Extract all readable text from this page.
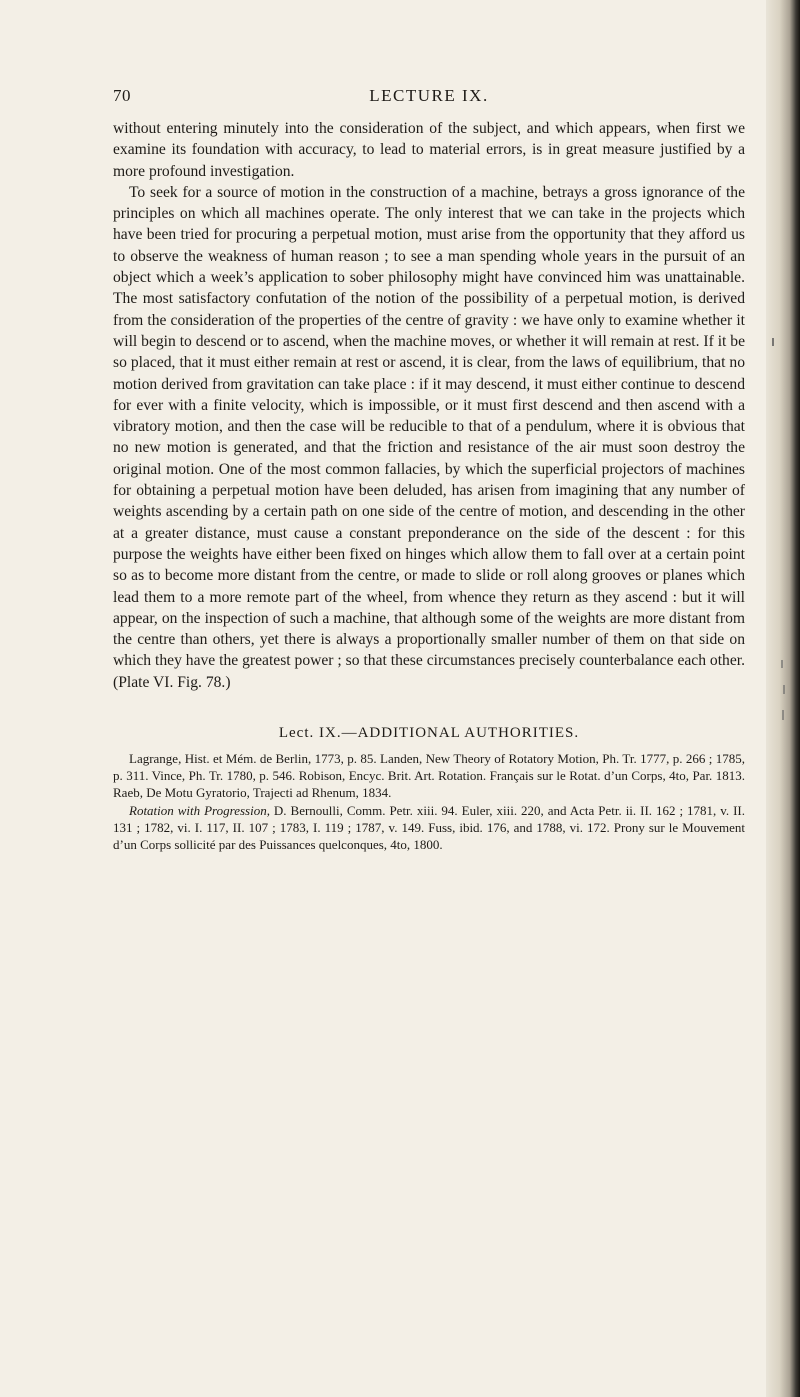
70	LECTURE IX.

without entering minutely into the consideration of the subject, and which appears, when first we examine its foundation with accuracy, to lead to material errors, is in great measure justified by a more profound investigation.

To seek for a source of motion in the construction of a machine, betrays a gross ignorance of the principles on which all machines operate. The only interest that we can take in the projects which have been tried for procuring a perpetual motion, must arise from the opportunity that they afford us to observe the weakness of human reason ; to see a man spending whole years in the pursuit of an object which a week’s application to sober philosophy might have convinced him was unattainable. The most satisfactory confutation of the notion of the possibility of a perpetual motion, is derived from the consideration of the properties of the centre of gravity : we have only to examine whether it will begin to descend or to ascend, when the machine moves, or whether it will remain at rest. If it be so placed, that it must either remain at rest or ascend, it is clear, from the laws of equilibrium, that no motion derived from gravitation can take place : if it may descend, it must either continue to descend for ever with a finite velocity, which is impossible, or it must first descend and then ascend with a vibratory motion, and then the case will be reducible to that of a pendulum, where it is obvious that no new motion is generated, and that the friction and resistance of the air must soon destroy the original motion. One of the most common fallacies, by which the superficial projectors of machines for obtaining a perpetual motion have been deluded, has arisen from imagining that any number of weights ascending by a certain path on one side of the centre of motion, and descending in the other at a greater distance, must cause a constant preponderance on the side of the descent : for this purpose the weights have either been fixed on hinges which allow them to fall over at a certain point so as to become more distant from the centre, or made to slide or roll along grooves or planes which lead them to a more remote part of the wheel, from whence they return as they ascend : but it will appear, on the inspection of such a machine, that although some of the weights are more distant from the centre than others, yet there is always a proportionally smaller number of them on that side on which they have the greatest power ; so that these circumstances precisely counterbalance each other. (Plate VI. Fig. 78.)

Lect. IX.—ADDITIONAL AUTHORITIES.

Lagrange, Hist. et Mém. de Berlin, 1773, p. 85. Landen, New Theory of Rotatory Motion, Ph. Tr. 1777, p. 266 ; 1785, p. 311. Vince, Ph. Tr. 1780, p. 546. Robison, Encyc. Brit. Art. Rotation. Français sur le Rotat. d’un Corps, 4to, Par. 1813. Raeb, De Motu Gyratorio, Trajecti ad Rhenum, 1834.

Rotation with Progression, D. Bernoulli, Comm. Petr. xiii. 94. Euler, xiii. 220, and Acta Petr. ii. II. 162 ; 1781, v. II. 131 ; 1782, vi. I. 117, II. 107 ; 1783, I. 119 ; 1787, v. 149. Fuss, ibid. 176, and 1788, vi. 172. Prony sur le Mouvement d’un Corps sollicité par des Puissances quelconques, 4to, 1800.
